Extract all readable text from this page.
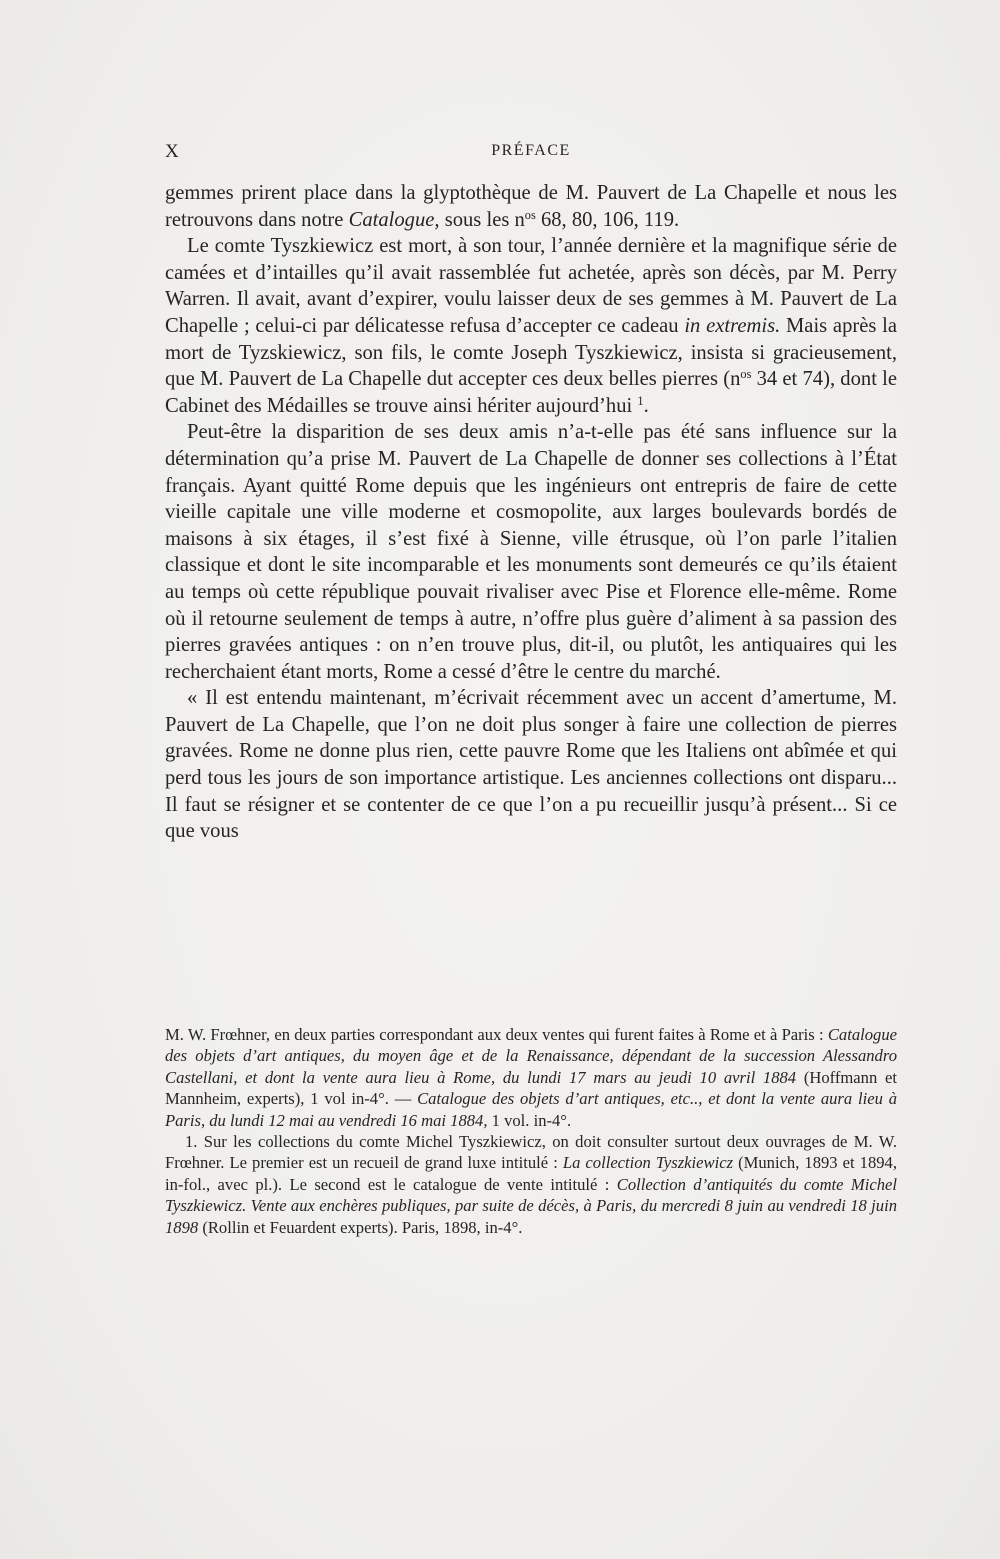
X	PRÉFACE

gemmes prirent place dans la glyptothèque de M. Pauvert de La Chapelle et nous les retrouvons dans notre Catalogue, sous les $n^{os}$ 68, 80, 106, 119.

Le comte Tyszkiewicz est mort, à son tour, l’année dernière et la magnifique série de camées et d’intailles qu’il avait rassemblée fut achetée, après son décès, par M. Perry Warren. Il avait, avant d’expirer, voulu laisser deux de ses gemmes à M. Pauvert de La Chapelle ; celui-ci par délicatesse refusa d’accepter ce cadeau in extremis. Mais après la mort de Tyzskiewicz, son fils, le comte Joseph Tyszkiewicz, insista si gracieusement, que M. Pauvert de La Chapelle dut accepter ces deux belles pierres ($n^{os}$ 34 et 74), dont le Cabinet des Médailles se trouve ainsi hériter aujourd’hui $^1$.

Peut-être la disparition de ses deux amis n’a-t-elle pas été sans influence sur la détermination qu’a prise M. Pauvert de La Chapelle de donner ses collections à l’État français. Ayant quitté Rome depuis que les ingénieurs ont entrepris de faire de cette vieille capitale une ville moderne et cosmopolite, aux larges boulevards bordés de maisons à six étages, il s’est fixé à Sienne, ville étrusque, où l’on parle l’italien classique et dont le site incomparable et les monuments sont demeurés ce qu’ils étaient au temps où cette république pouvait rivaliser avec Pise et Florence elle-même. Rome où il retourne seulement de temps à autre, n’offre plus guère d’aliment à sa passion des pierres gravées antiques : on n’en trouve plus, dit-il, ou plutôt, les antiquaires qui les recherchaient étant morts, Rome a cessé d’être le centre du marché.

« Il est entendu maintenant, m’écrivait récemment avec un accent d’amertume, M. Pauvert de La Chapelle, que l’on ne doit plus songer à faire une collection de pierres gravées. Rome ne donne plus rien, cette pauvre Rome que les Italiens ont abîmée et qui perd tous les jours de son importance artistique. Les anciennes collections ont disparu... Il faut se résigner et se contenter de ce que l’on a pu recueillir jusqu’à présent... Si ce que vous

M. W. Frœhner, en deux parties correspondant aux deux ventes qui furent faites à Rome et à Paris : Catalogue des objets d’art antiques, du moyen âge et de la Renaissance, dépendant de la succession Alessandro Castellani, et dont la vente aura lieu à Rome, du lundi 17 mars au jeudi 10 avril 1884 (Hoffmann et Mannheim, experts), 1 vol in-4°. — Catalogue des objets d’art antiques, etc.., et dont la vente aura lieu à Paris, du lundi 12 mai au vendredi 16 mai 1884, 1 vol. in-4°.

1. Sur les collections du comte Michel Tyszkiewicz, on doit consulter surtout deux ouvrages de M. W. Frœhner. Le premier est un recueil de grand luxe intitulé : La collection Tyszkiewicz (Munich, 1893 et 1894, in-fol., avec pl.). Le second est le catalogue de vente intitulé : Collection d’antiquités du comte Michel Tyszkiewicz. Vente aux enchères publiques, par suite de décès, à Paris, du mercredi 8 juin au vendredi 18 juin 1898 (Rollin et Feuardent experts). Paris, 1898, in-4°.
